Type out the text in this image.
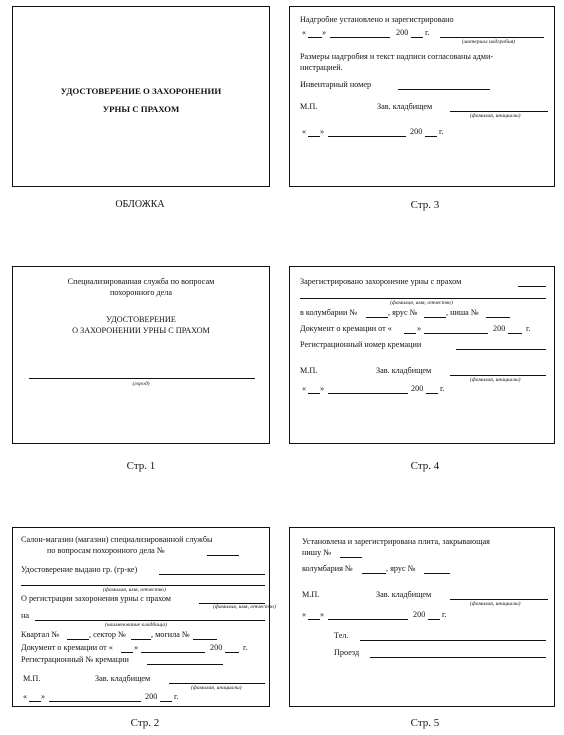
УДОСТОВЕРЕНИЕ О ЗАХОРОНЕНИИ
УРНЫ С ПРАХОМ
ОБЛОЖКА
Надгробие установлено и зарегистрировано
« »	200 г.
(материал надгробия)
Размеры надгробия и текст надписи согласованы адми-
нистрацией.
Инвентарный номер
М.П.	Зав. кладбищем
(фамилия, инициалы)
« »	200 г.
Стр. 3
Специализированная служба по вопросам
похоронного дела
УДОСТОВЕРЕНИЕ
О ЗАХОРОНЕНИИ УРНЫ С ПРАХОМ
(город)
Стр. 1
Зарегистрировано захоронение урны с прахом
(фамилия, имя, отчество)
в колумбарии №	, ярус №	, ниша №
Документ о кремации от «	»	200	г.
Регистрационный номер кремации
М.П.	Зав. кладбищем
(фамилия, инициалы)
« »	200 г.
Стр. 4
Салон-магазин (магазин) специализированной службы
по вопросам похоронного дела №
Удостоверение выдано гр. (гр-ке)
(фамилия, имя, отчество)
О регистрации захоронения урны с прахом
(фамилия, имя, отчество)
на
(наименование кладбища)
Квартал №	, сектор №	, могила №
Документ о кремации от «	»	200	г.
Регистрационный № кремации
М.П.	Зав. кладбищем
(фамилия, инициалы)
« »	200 г.
Стр. 2
Установлена и зарегистрирована плита, закрывающая
нишу №
колумбария №	, ярус №
М.П.	Зав. кладбищем
(фамилия, инициалы)
« »	200 г.
Тел.
Проезд
Стр. 5
